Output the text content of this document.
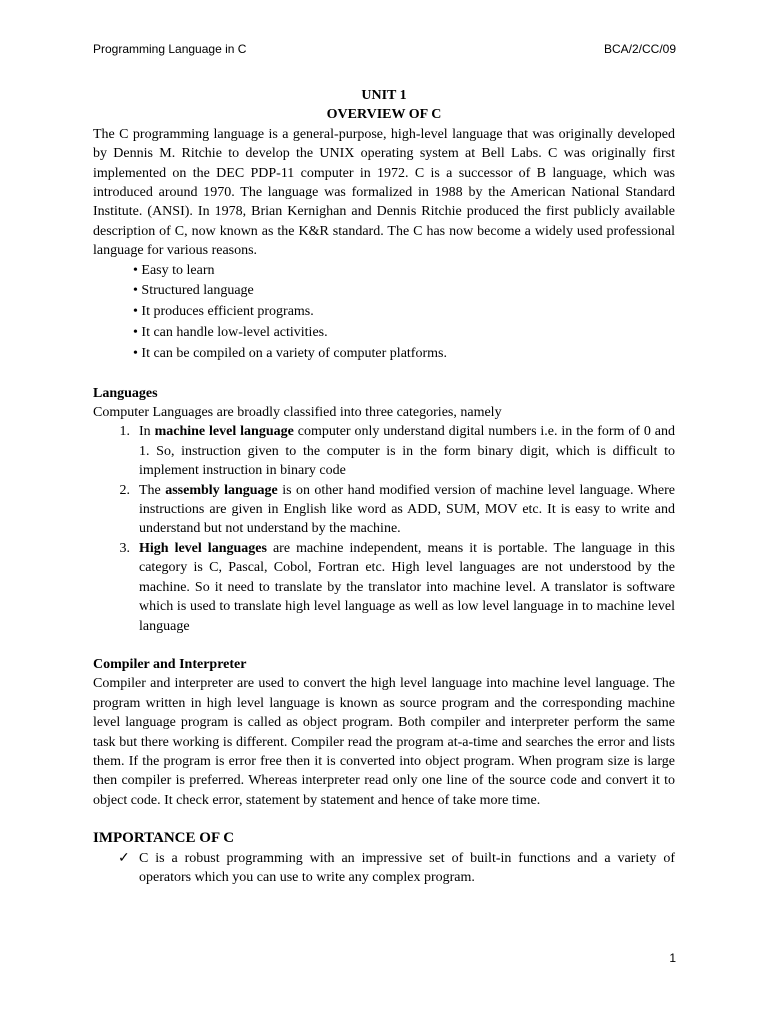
Programming Language in C	BCA/2/CC/09
UNIT 1
OVERVIEW OF C

The C programming language is a general-purpose, high-level language that was originally developed by Dennis M. Ritchie to develop the UNIX operating system at Bell Labs. C was originally first implemented on the DEC PDP-11 computer in 1972. C is a successor of B language, which was introduced around 1970. The language was formalized in 1988 by the American National Standard Institute. (ANSI). In 1978, Brian Kernighan and Dennis Ritchie produced the first publicly available description of C, now known as the K&R standard. The C has now become a widely used professional language for various reasons.

• Easy to learn
• Structured language
• It produces efficient programs.
• It can handle low-level activities.
• It can be compiled on a variety of computer platforms.

Languages

Computer Languages are broadly classified into three categories, namely

1. In machine level language computer only understand digital numbers i.e. in the form of 0 and 1. So, instruction given to the computer is in the form binary digit, which is difficult to implement instruction in binary code
2. The assembly language is on other hand modified version of machine level language. Where instructions are given in English like word as ADD, SUM, MOV etc. It is easy to write and understand but not understand by the machine.
3. High level languages are machine independent, means it is portable. The language in this category is C, Pascal, Cobol, Fortran etc. High level languages are not understood by the machine. So it need to translate by the translator into machine level. A translator is software which is used to translate high level language as well as low level language in to machine level language

Compiler and Interpreter

Compiler and interpreter are used to convert the high level language into machine level language. The program written in high level language is known as source program and the corresponding machine level language program is called as object program. Both compiler and interpreter perform the same task but there working is different. Compiler read the program at-a-time and searches the error and lists them. If the program is error free then it is converted into object program. When program size is large then compiler is preferred. Whereas interpreter read only one line of the source code and convert it to object code. It check error, statement by statement and hence of take more time.

IMPORTANCE OF C

✓ C is a robust programming with an impressive set of built-in functions and a variety of operators which you can use to write any complex program.
1
